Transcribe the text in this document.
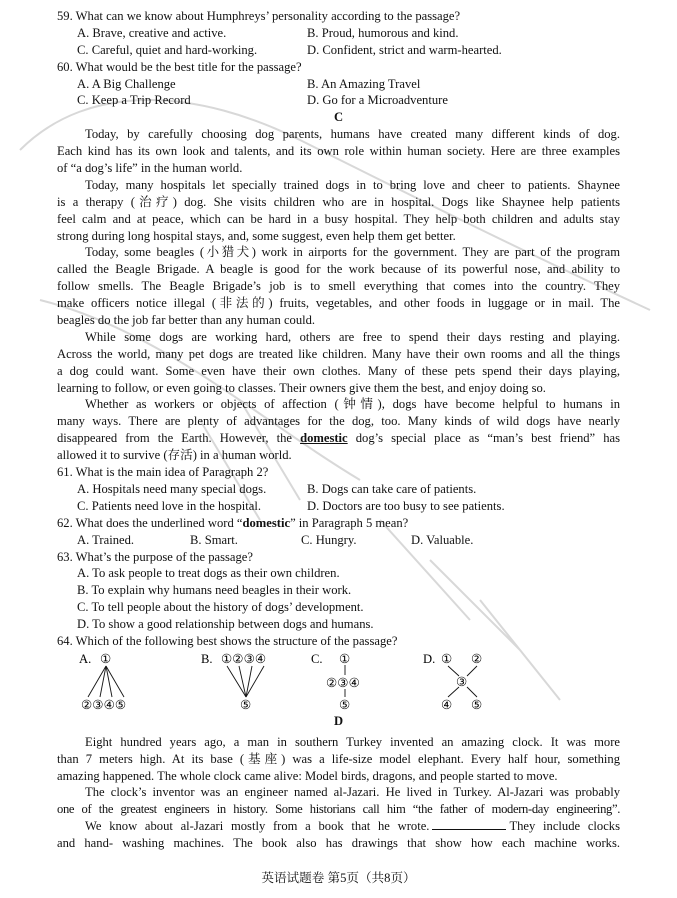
59. What can we know about Humphreys’ personality according to the passage?
A. Brave, creative and active.	B. Proud, humorous and kind.
C. Careful, quiet and hard-working.	D. Confident, strict and warm-hearted.
60. What would be the best title for the passage?
A. A Big Challenge	B. An Amazing Travel
C. Keep a Trip Record	D. Go for a Microadventure
C
Today, by carefully choosing dog parents, humans have created many different kinds of dog.
Each kind has its own look and talents, and its own role within human society. Here are three examples
of “a dog’s life” in the human world.
Today, many hospitals let specially trained dogs in to bring love and cheer to patients. Shaynee
is a therapy (治疗) dog. She visits children who are in hospital. Dogs like Shaynee help patients
feel calm and at peace, which can be hard in a busy hospital. They help both children and adults stay
strong during long hospital stays, and, some suggest, even help them get better.
Today, some beagles (小猎犬) work in airports for the government. They are part of the program
called the Beagle Brigade. A beagle is good for the work because of its powerful nose, and ability to
follow smells. The Beagle Brigade’s job is to smell everything that comes into the country. They
make officers notice illegal (非法的) fruits, vegetables, and other foods in luggage or in mail. The
beagles do the job far better than any human could.
While some dogs are working hard, others are free to spend their days resting and playing.
Across the world, many pet dogs are treated like children. Many have their own rooms and all the things
a dog could want. Some even have their own clothes. Many of these pets spend their days playing,
learning to follow, or even going to classes. Their owners give them the best, and enjoy doing so.
Whether as workers or objects of affection (钟情), dogs have become helpful to humans in
many ways. There are plenty of advantages for the dog, too. Many kinds of wild dogs have nearly
disappeared from the Earth. However, the domestic dog’s special place as “man’s best friend” has
allowed it to survive (存活) in a human world.
61. What is the main idea of Paragraph 2?
A. Hospitals need many special dogs.	B. Dogs can take care of patients.
C. Patients need love in the hospital.	D. Doctors are too busy to see patients.
62. What does the underlined word “domestic” in Paragraph 5 mean?
A. Trained.	B. Smart.	C. Hungry.	D. Valuable.
63. What’s the purpose of the passage?
A. To ask people to treat dogs as their own children.
B. To explain why humans need beagles in their work.
C. To tell people about the history of dogs’ development.
D. To show a good relationship between dogs and humans.
64. Which of the following best shows the structure of the passage?
A. ①
②③④⑤
B. ①②③④
⑤
C. ①
②③④
⑤
D. ① ②
③
④ ⑤
D
Eight hundred years ago, a man in southern Turkey invented an amazing clock. It was more
than 7 meters high. At its base (基座) was a life-size model elephant. Every half hour, something
amazing happened. The whole clock came alive: Model birds, dragons, and people started to move.
The clock’s inventor was an engineer named al-Jazari. He lived in Turkey. Al-Jazari was probably
one of the greatest engineers in history. Some historians call him “the father of modern-day engineering”.
We know about al-Jazari mostly from a book that he wrote.	They include clocks
and hand- washing machines. The book also has drawings that show how each machine works.
英语试题卷 第5页（共8页）
